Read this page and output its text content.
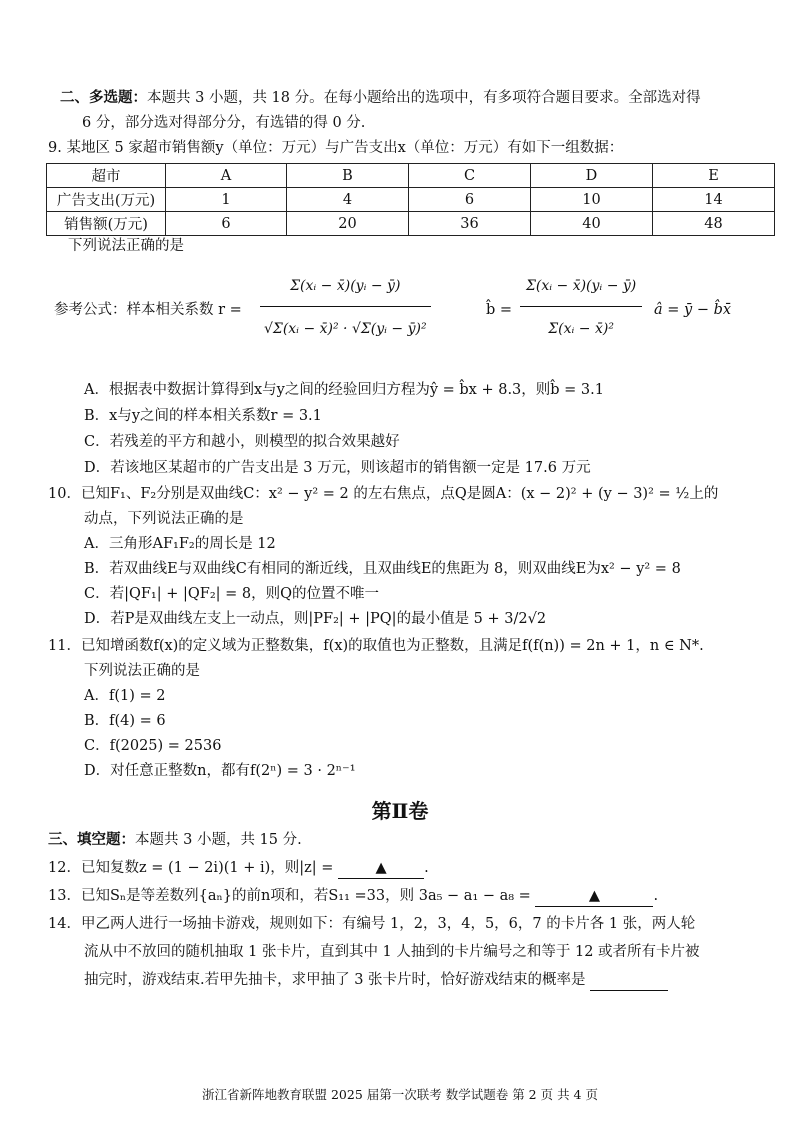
二、多选题：本题共 3 小题，共 18 分。在每小题给出的选项中，有多项符合题目要求。全部选对得
6 分，部分选对得部分分，有选错的得 0 分.
9. 某地区 5 家超市销售额y（单位：万元）与广告支出x（单位：万元）有如下一组数据：
超市	A	B	C	D	E
广告支出(万元)	1	4	6	10	14
销售额(万元)	6	20	36	40	48
下列说法正确的是
参考公式：样本相关系数 $r = \frac{\text{Σ(xᵢ − x̄)(yᵢ − ȳ)}}{\text{√Σ(xᵢ − x̄)² · √Σ(yᵢ − ȳ)²}}$	b̂ = $\frac{\text{Σ(xᵢ − x̄)(yᵢ − ȳ)}}{\text{Σ(xᵢ − x̄)²}}$ â = ȳ − b̂x̄
A．根据表中数据计算得到x与y之间的经验回归方程为ŷ = b̂x + 8.3，则b̂ = 3.1
B．x与y之间的样本相关系数r = 3.1
C．若残差的平方和越小，则模型的拟合效果越好
D．若该地区某超市的广告支出是 3 万元，则该超市的销售额一定是 17.6 万元
10．已知F₁、F₂分别是双曲线C：x² − y² = 2 的左右焦点，点Q是圆A：(x − 2)² + (y − 3)² = ½上的
动点，下列说法正确的是
A．三角形AF₁F₂的周长是 12
B．若双曲线E与双曲线C有相同的渐近线，且双曲线E的焦距为 8，则双曲线E为x² − y² = 8
C．若|QF₁| + |QF₂| = 8，则Q的位置不唯一
D．若P是双曲线左支上一动点，则|PF₂| + |PQ|的最小值是 5 + 3/2√2
11．已知增函数f(x)的定义域为正整数集，f(x)的取值也为正整数，且满足f(f(n)) = 2n + 1，n ∈ N*.
下列说法正确的是
A．f(1) = 2
B．f(4) = 6
C．f(2025) = 2536
D．对任意正整数n，都有f(2ⁿ) = 3 · 2ⁿ⁻¹
第Ⅱ卷
三、填空题：本题共 3 小题，共 15 分.
12．已知复数z = (1 − 2i)(1 + i)，则|z| =	▲	.
13．已知Sₙ是等差数列{aₙ}的前n项和，若S₁₁ =33，则 3a₅ − a₁ − a₈ =	▲	.
14．甲乙两人进行一场抽卡游戏，规则如下：有编号 1，2，3，4，5，6，7 的卡片各 1 张，两人轮
流从中不放回的随机抽取 1 张卡片，直到其中 1 人抽到的卡片编号之和等于 12 或者所有卡片被
抽完时，游戏结束.若甲先抽卡，求甲抽了 3 张卡片时，恰好游戏结束的概率是
浙江省新阵地教育联盟 2025 届第一次联考 数学试题卷 第 2 页 共 4 页
